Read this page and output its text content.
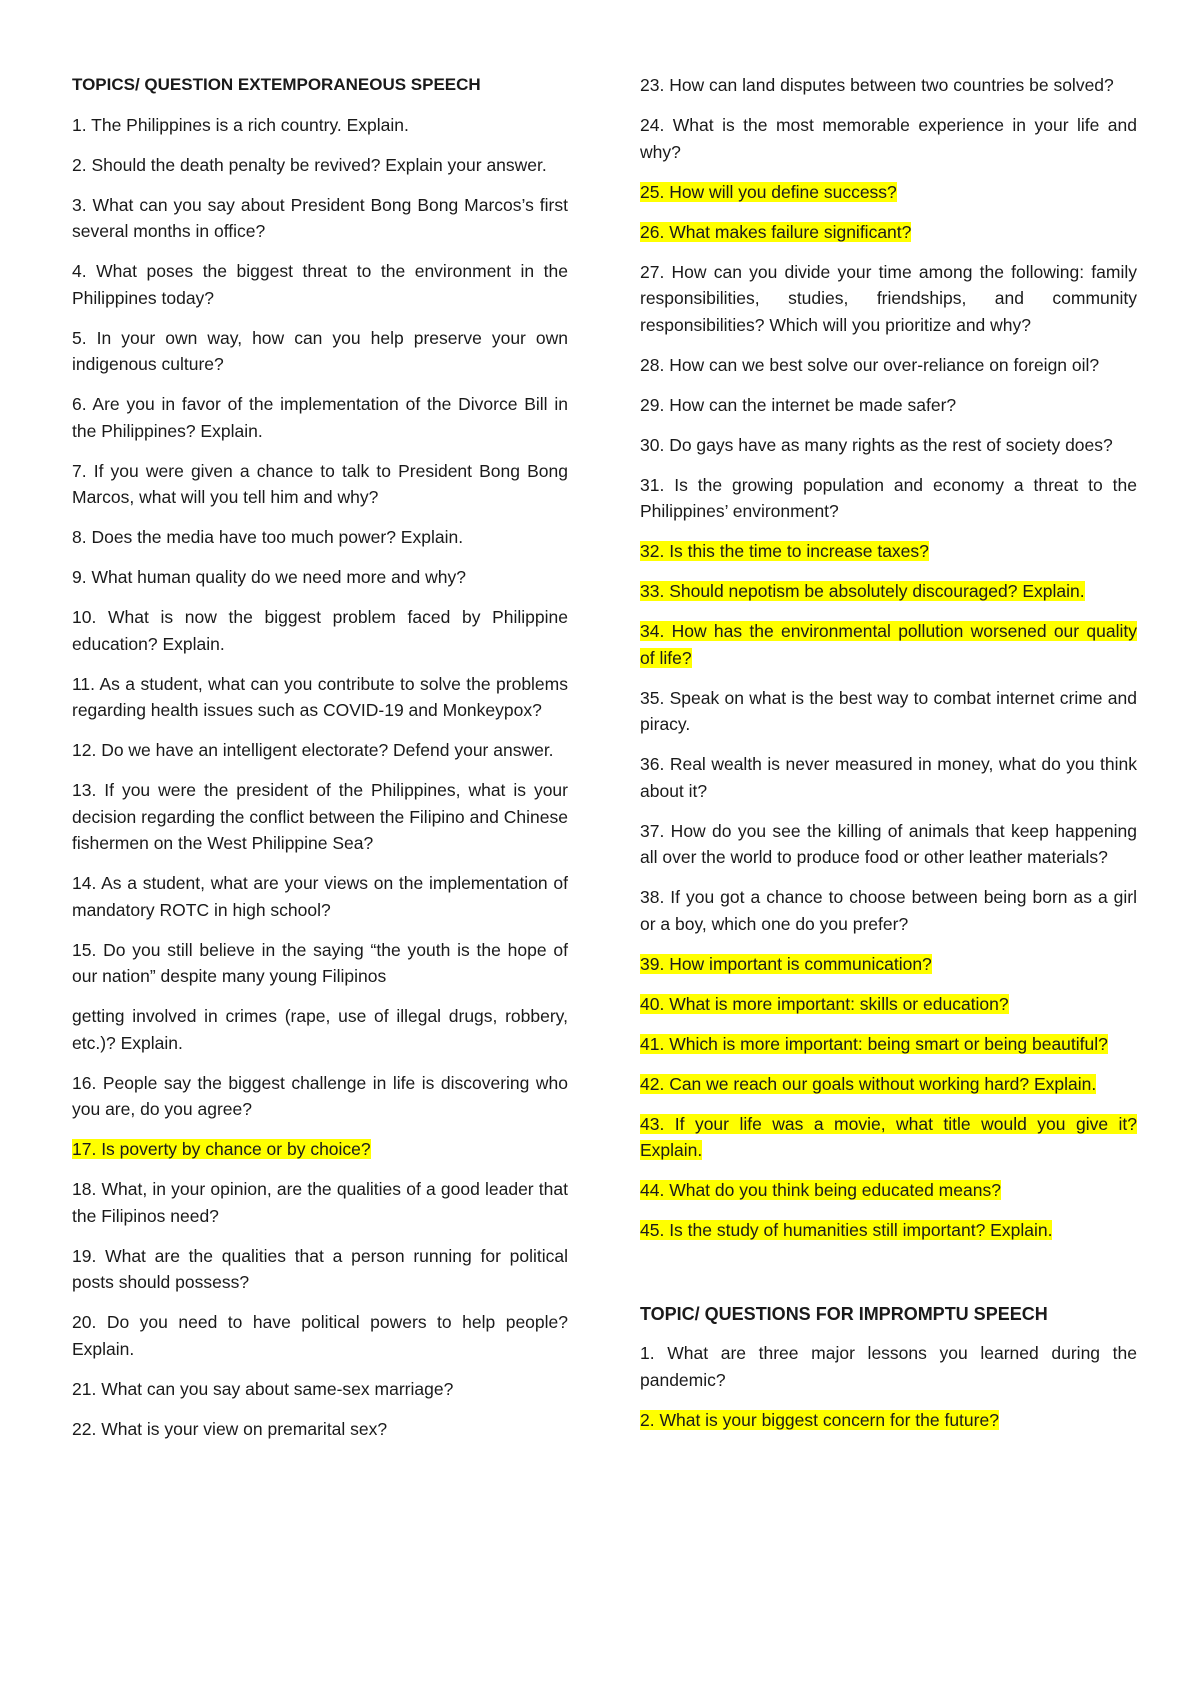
TOPICS/ QUESTION EXTEMPORANEOUS SPEECH

1. The Philippines is a rich country. Explain.

2. Should the death penalty be revived? Explain your answer.

3. What can you say about President Bong Bong Marcos’s first several months in office?

4. What poses the biggest threat to the environment in the Philippines today?

5. In your own way, how can you help preserve your own indigenous culture?

6. Are you in favor of the implementation of the Divorce Bill in the Philippines? Explain.

7. If you were given a chance to talk to President Bong Bong Marcos, what will you tell him and why?

8. Does the media have too much power? Explain.

9. What human quality do we need more and why?

10. What is now the biggest problem faced by Philippine education? Explain.

11. As a student, what can you contribute to solve the problems regarding health issues such as COVID-19 and Monkeypox?

12. Do we have an intelligent electorate? Defend your answer.

13. If you were the president of the Philippines, what is your decision regarding the conflict between the Filipino and Chinese fishermen on the West Philippine Sea?

14. As a student, what are your views on the implementation of mandatory ROTC in high school?

15. Do you still believe in the saying “the youth is the hope of our nation” despite many young Filipinos

getting involved in crimes (rape, use of illegal drugs, robbery, etc.)? Explain.

16. People say the biggest challenge in life is discovering who you are, do you agree?

17. Is poverty by chance or by choice?

18. What, in your opinion, are the qualities of a good leader that the Filipinos need?

19. What are the qualities that a person running for political posts should possess?

20. Do you need to have political powers to help people? Explain.

21. What can you say about same-sex marriage?

22. What is your view on premarital sex?

23. How can land disputes between two countries be solved?

24. What is the most memorable experience in your life and why?

25. How will you define success?

26. What makes failure significant?

27. How can you divide your time among the following: family responsibilities, studies, friendships, and community responsibilities? Which will you prioritize and why?

28. How can we best solve our over-reliance on foreign oil?

29. How can the internet be made safer?

30. Do gays have as many rights as the rest of society does?

31. Is the growing population and economy a threat to the Philippines’ environment?

32. Is this the time to increase taxes?

33. Should nepotism be absolutely discouraged? Explain.

34. How has the environmental pollution worsened our quality of life?

35. Speak on what is the best way to combat internet crime and piracy.

36. Real wealth is never measured in money, what do you think about it?

37. How do you see the killing of animals that keep happening all over the world to produce food or other leather materials?

38. If you got a chance to choose between being born as a girl or a boy, which one do you prefer?

39. How important is communication?

40. What is more important: skills or education?

41. Which is more important: being smart or being beautiful?

42. Can we reach our goals without working hard? Explain.

43. If your life was a movie, what title would you give it? Explain.

44. What do you think being educated means?

45. Is the study of humanities still important? Explain.

TOPIC/ QUESTIONS FOR IMPROMPTU SPEECH

1. What are three major lessons you learned during the pandemic?

2. What is your biggest concern for the future?
